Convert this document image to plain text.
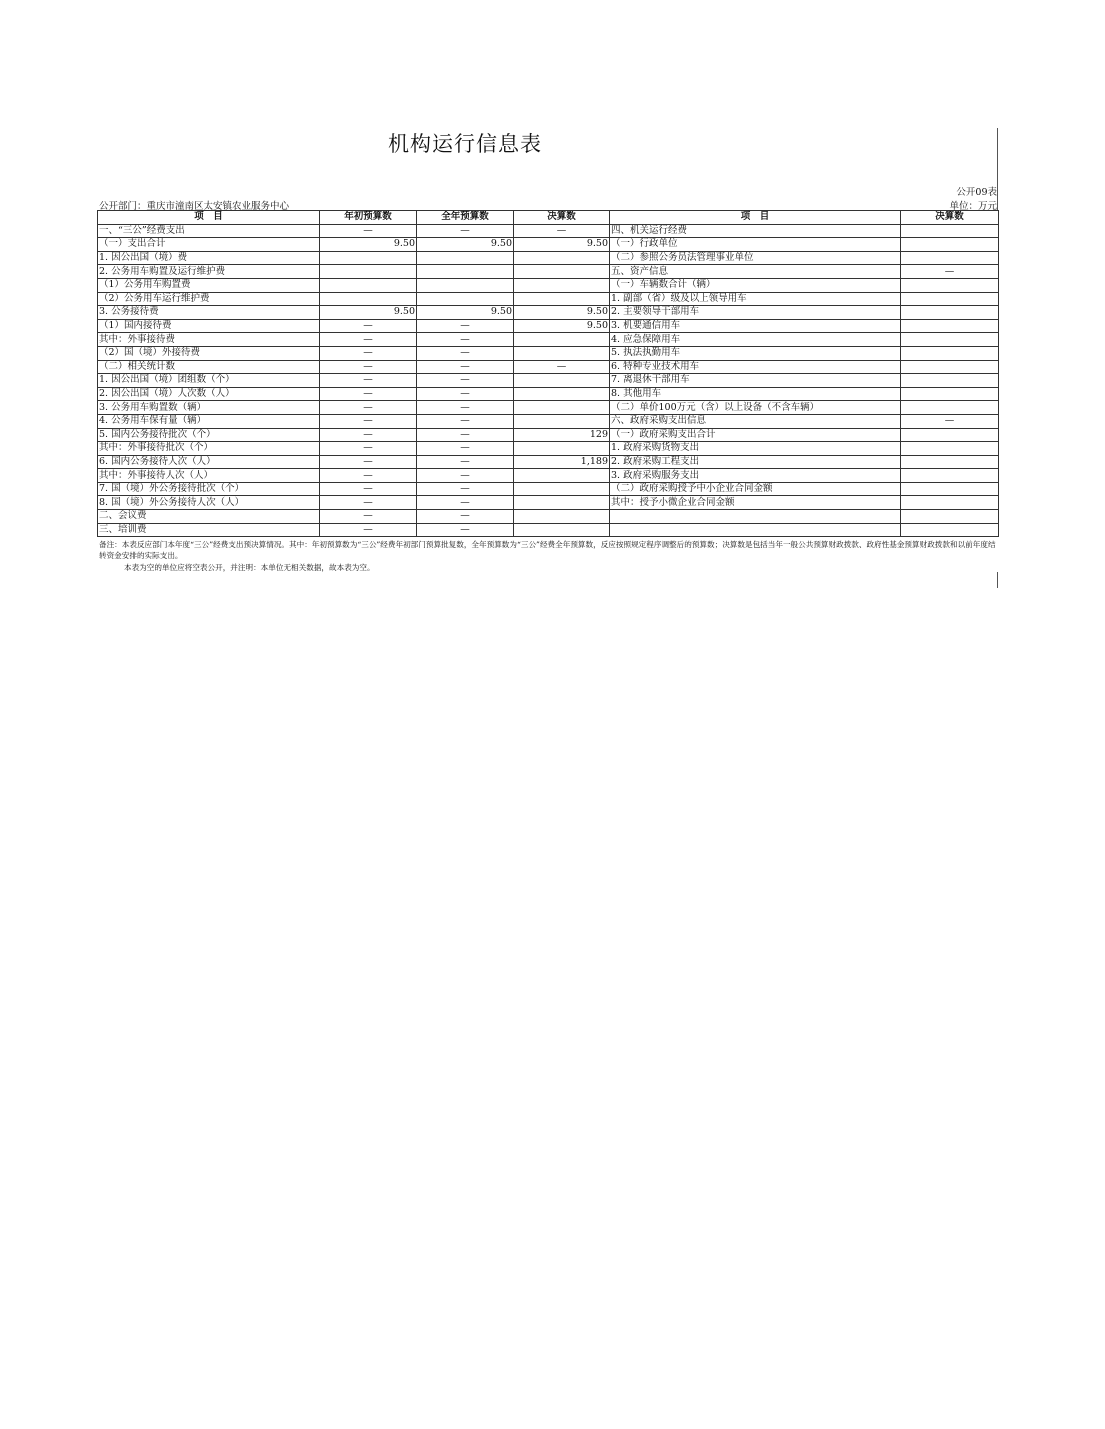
机构运行信息表
公开09表
公开部门：重庆市潼南区太安镇农业服务中心	单位：万元
项　目	年初预算数	全年预算数	决算数	项　目	决算数
一、“三公”经费支出	—	—	—	四、机关运行经费	
（一）支出合计	9.50	9.50	9.50	（一）行政单位	
1. 因公出国（境）费				（二）参照公务员法管理事业单位	
2. 公务用车购置及运行维护费				五、资产信息	—
（1）公务用车购置费				（一）车辆数合计（辆）	
（2）公务用车运行维护费				1. 副部（省）级及以上领导用车	
3. 公务接待费	9.50	9.50	9.50	2. 主要领导干部用车	
（1）国内接待费	—	—	9.50	3. 机要通信用车	
其中：外事接待费	—	—		4. 应急保障用车	
（2）国（境）外接待费	—	—		5. 执法执勤用车	
（二）相关统计数	—	—	—	6. 特种专业技术用车	
1. 因公出国（境）团组数（个）	—	—		7. 离退休干部用车	
2. 因公出国（境）人次数（人）	—	—		8. 其他用车	
3. 公务用车购置数（辆）	—	—		（二）单价100万元（含）以上设备（不含车辆）	
4. 公务用车保有量（辆）	—	—		六、政府采购支出信息	—
5. 国内公务接待批次（个）	—	—	129	（一）政府采购支出合计	
其中：外事接待批次（个）	—	—		1. 政府采购货物支出	
6. 国内公务接待人次（人）	—	—	1,189	2. 政府采购工程支出	
其中：外事接待人次（人）	—	—		3. 政府采购服务支出	
7. 国（境）外公务接待批次（个）	—	—		（二）政府采购授予中小企业合同金额	
8. 国（境）外公务接待人次（人）	—	—		其中：授予小微企业合同金额	
二、会议费	—	—			
三、培训费	—	—			
备注：本表反应部门本年度“三公”经费支出预决算情况。其中：年初预算数为“三公”经费年初部门预算批复数，全年预算数为“三公”经费全年预算数，反应按照规定程序调整后的预算数；决算数是包括当年一般公共预算财政拨款、政府性基金预算财政拨款和以前年度结转资金安排的实际支出。
本表为空的单位应将空表公开，并注明：本单位无相关数据，故本表为空。
